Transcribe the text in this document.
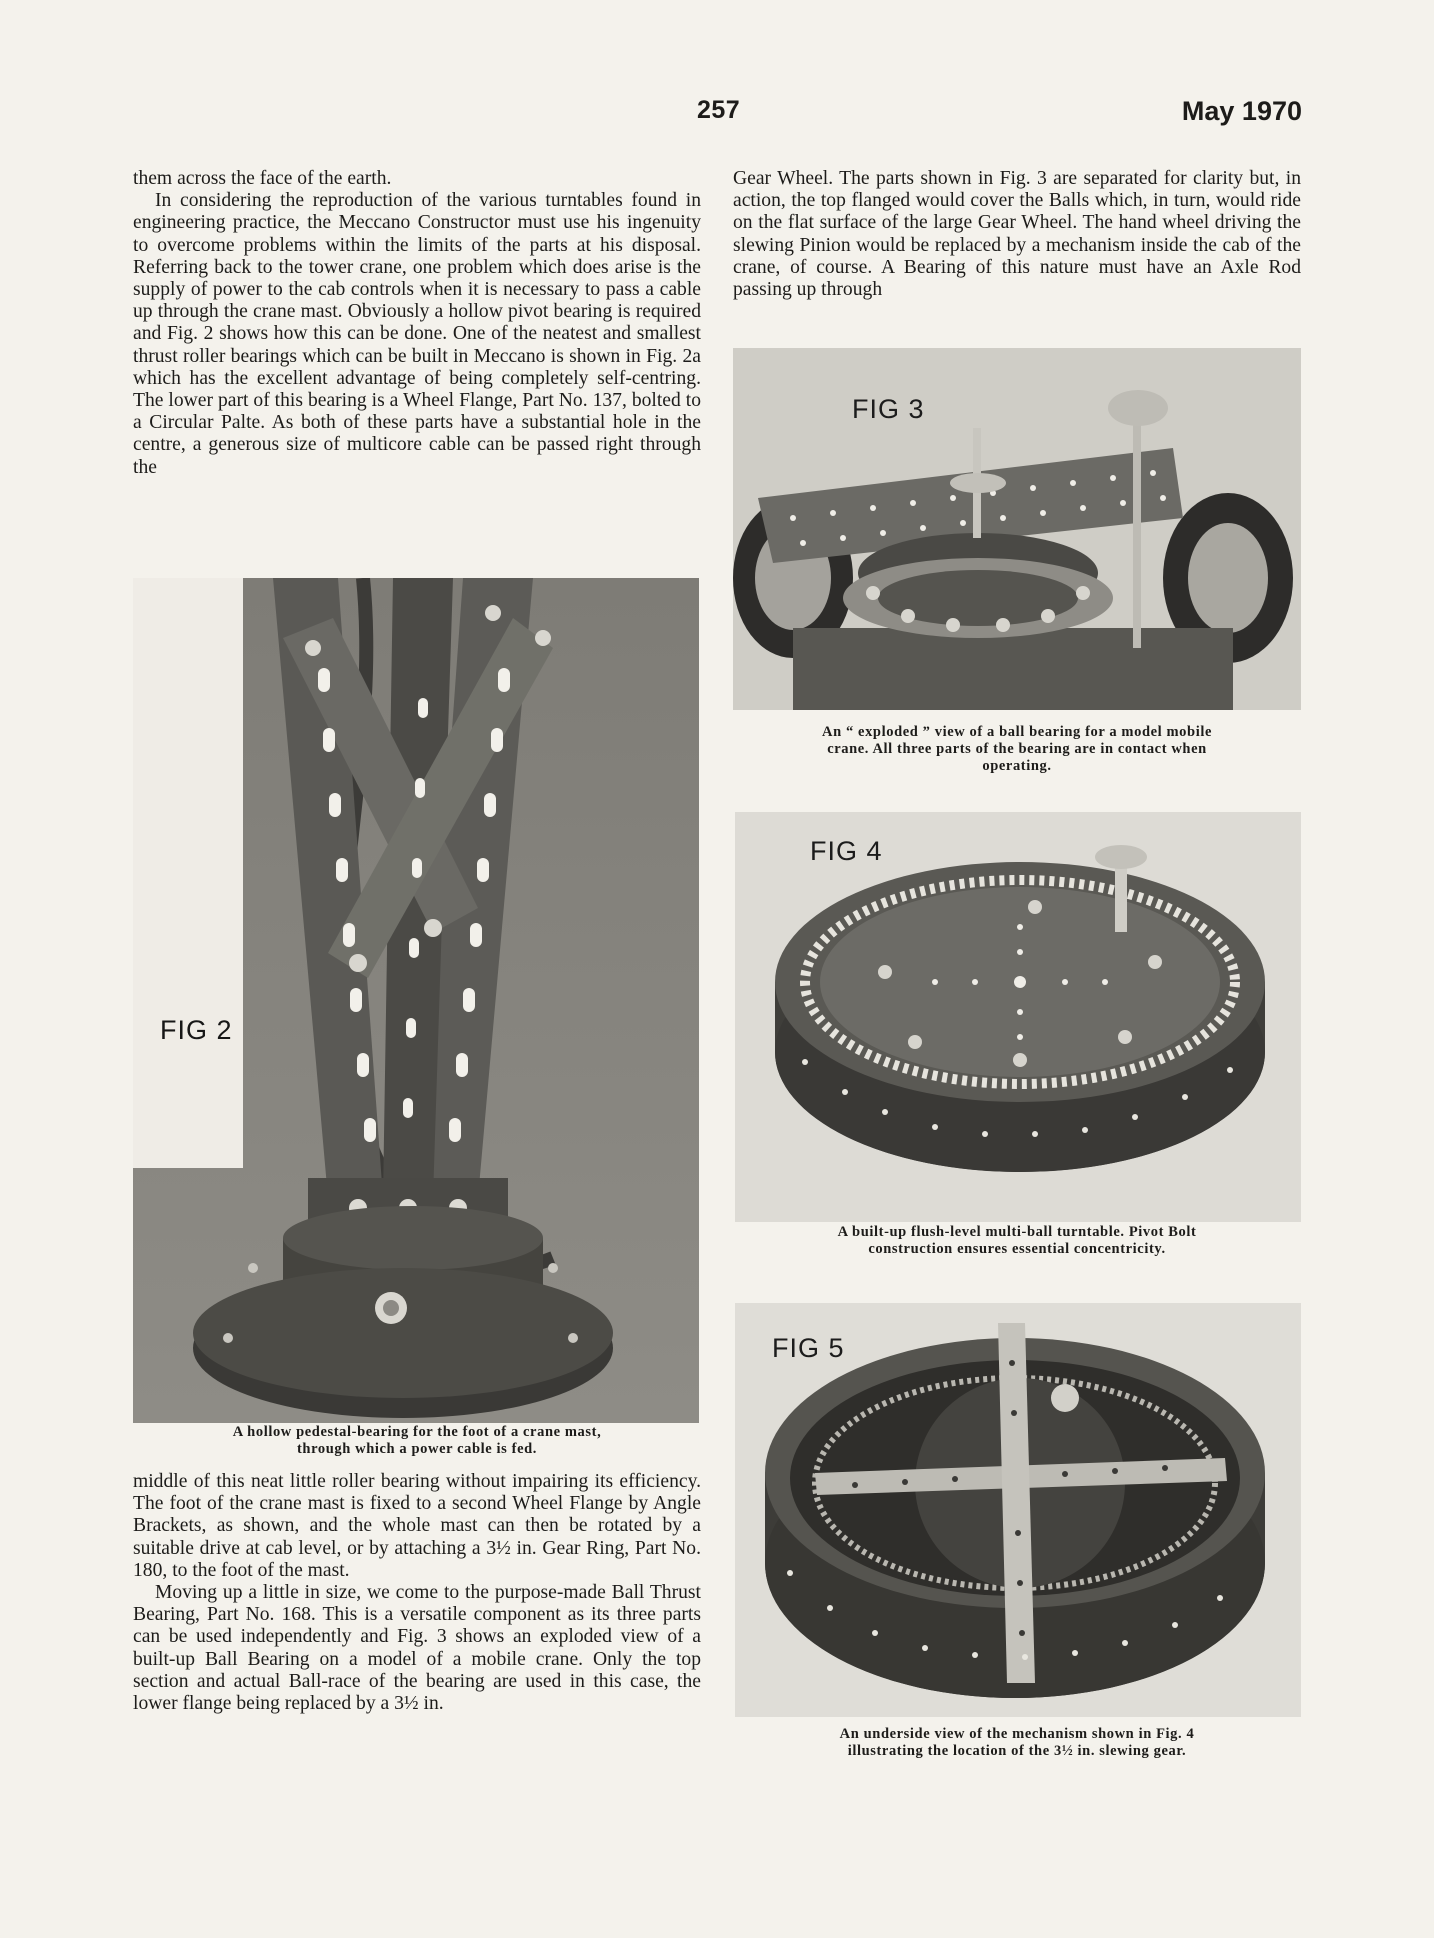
257	May 1970

them across the face of the earth.

In considering the reproduction of the various turntables found in engineering practice, the Meccano Constructor must use his ingenuity to overcome problems within the limits of the parts at his disposal. Referring back to the tower crane, one problem which does arise is the supply of power to the cab controls when it is necessary to pass a cable up through the crane mast. Obviously a hollow pivot bearing is required and Fig. 2 shows how this can be done. One of the neatest and smallest thrust roller bearings which can be built in Meccano is shown in Fig. 2a which has the excellent advantage of being completely self-centring. The lower part of this bearing is a Wheel Flange, Part No. 137, bolted to a Circular Palte. As both of these parts have a substantial hole in the centre, a generous size of multicore cable can be passed right through the

FIG 2
A hollow pedestal-bearing for the foot of a crane mast,
through which a power cable is fed.

middle of this neat little roller bearing without impairing its efficiency. The foot of the crane mast is fixed to a second Wheel Flange by Angle Brackets, as shown, and the whole mast can then be rotated by a suitable drive at cab level, or by attaching a 3½ in. Gear Ring, Part No. 180, to the foot of the mast.

Moving up a little in size, we come to the purpose-made Ball Thrust Bearing, Part No. 168. This is a versatile component as its three parts can be used independently and Fig. 3 shows an exploded view of a built-up Ball Bearing on a model of a mobile crane. Only the top section and actual Ball-race of the bearing are used in this case, the lower flange being replaced by a 3½ in.

Gear Wheel. The parts shown in Fig. 3 are separated for clarity but, in action, the top flanged would cover the Balls which, in turn, would ride on the flat surface of the large Gear Wheel. The hand wheel driving the slewing Pinion would be replaced by a mechanism inside the cab of the crane, of course. A Bearing of this nature must have an Axle Rod passing up through

FIG 3
An “ exploded ” view of a ball bearing for a model mobile
crane. All three parts of the bearing are in contact when
operating.
FIG 4
A built-up flush-level multi-ball turntable. Pivot Bolt
construction ensures essential concentricity.
FIG 5
An underside view of the mechanism shown in Fig. 4
illustrating the location of the 3½ in. slewing gear.
